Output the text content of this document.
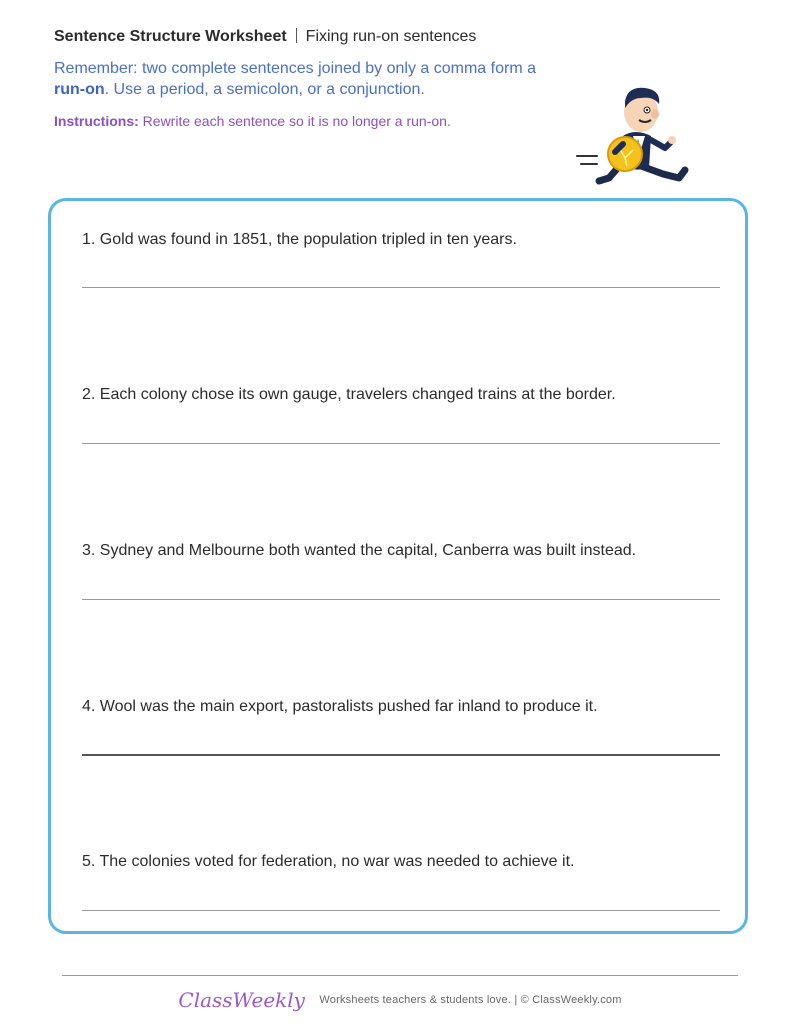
Sentence Structure Worksheet Fixing run-on sentences
Remember: two complete sentences joined by only a comma form a
run-on. Use a period, a semicolon, or a conjunction.
Instructions: Rewrite each sentence so it is no longer a run-on.
1. Gold was found in 1851, the population tripled in ten years.
2. Each colony chose its own gauge, travelers changed trains at the border.
3. Sydney and Melbourne both wanted the capital, Canberra was built instead.
4. Wool was the main export, pastoralists pushed far inland to produce it.
5. The colonies voted for federation, no war was needed to achieve it.
ClassWeekly Worksheets teachers & students love. | © ClassWeekly.com
